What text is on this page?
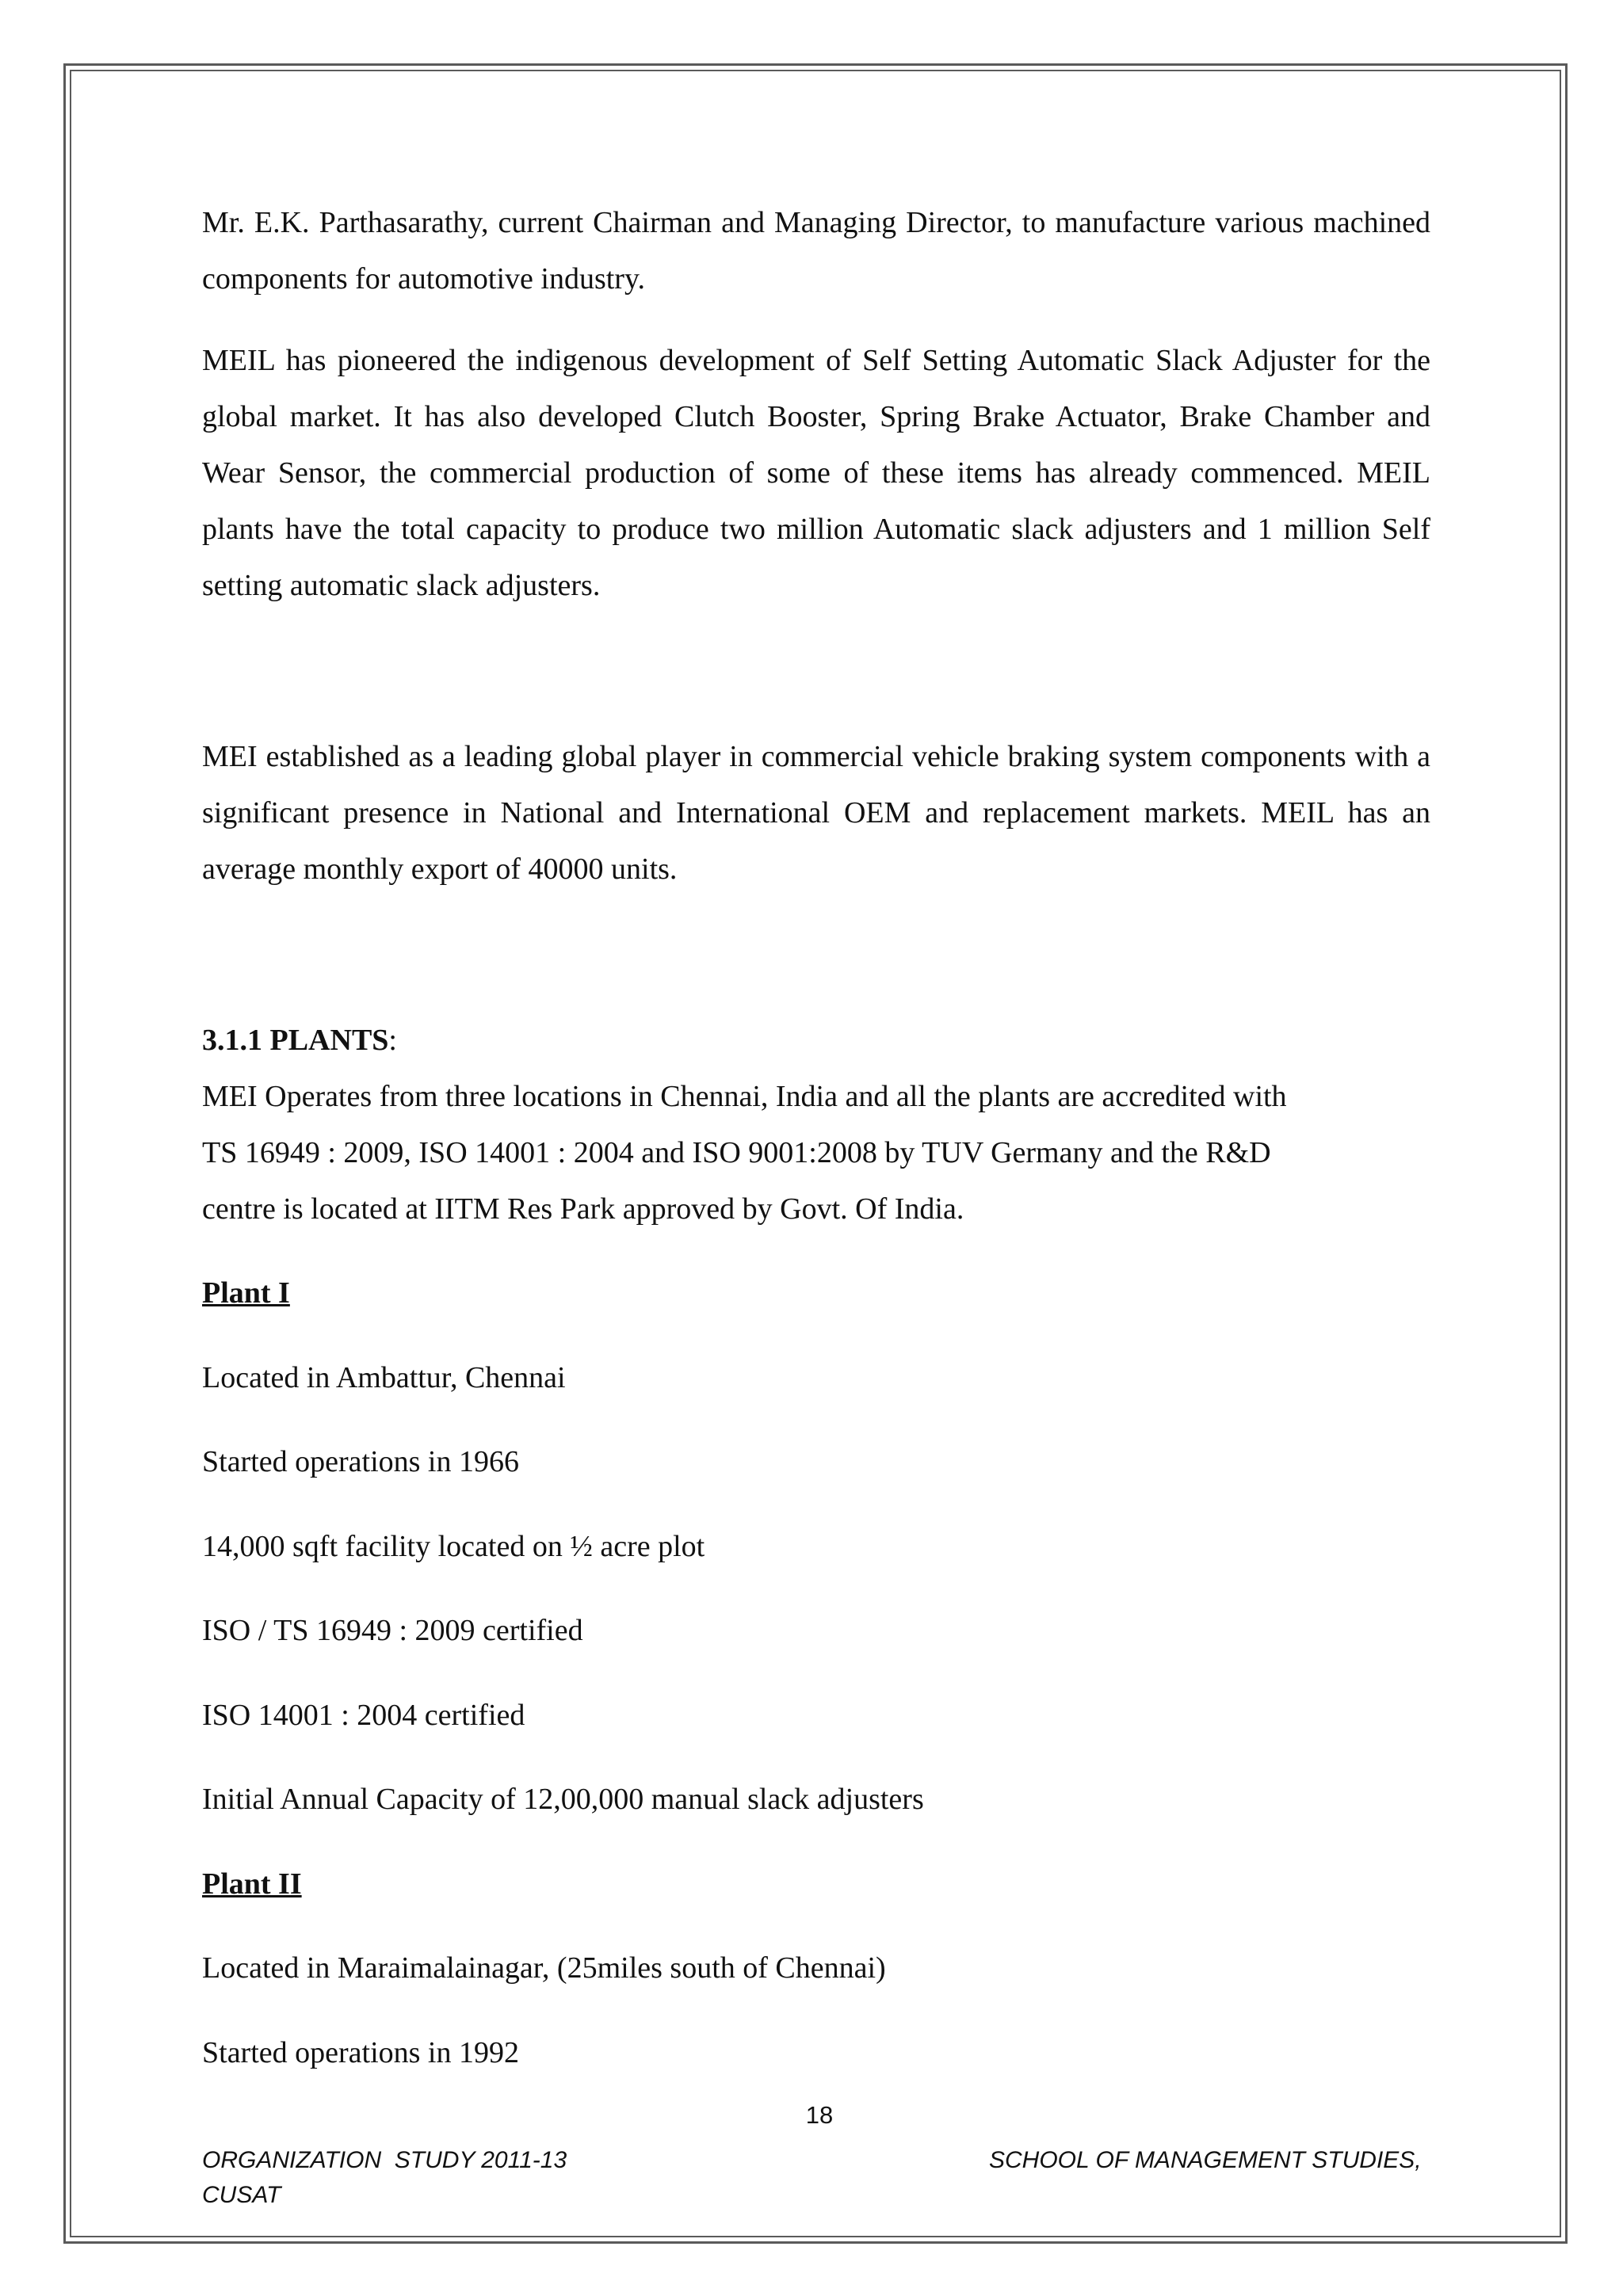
Mr. E.K. Parthasarathy, current Chairman and Managing Director, to manufacture various machined components for automotive industry.

MEIL has pioneered the indigenous development of Self Setting Automatic Slack Adjuster for the global market. It has also developed Clutch Booster, Spring Brake Actuator, Brake Chamber and Wear Sensor, the commercial production of some of these items has already commenced. MEIL plants have the total capacity to produce two million Automatic slack adjusters and 1 million Self setting automatic slack adjusters.

MEI established as a leading global player in commercial vehicle braking system components with a significant presence in National and International OEM and replacement markets. MEIL has an average monthly export of 40000 units.

3.1.1 PLANTS:
MEI Operates from three locations in Chennai, India and all the plants are accredited with
TS 16949 : 2009, ISO 14001 : 2004 and ISO 9001:2008 by TUV Germany and the R&D
centre is located at IITM Res Park approved by Govt. Of India.
Plant I
Located in Ambattur, Chennai
Started operations in 1966
14,000 sqft facility located on ½ acre plot
ISO / TS 16949 : 2009 certified
ISO 14001 : 2004 certified
Initial Annual Capacity of 12,00,000 manual slack adjusters
Plant II
Located in Maraimalainagar, (25miles south of Chennai)
Started operations in 1992
18
ORGANIZATION  STUDY 2011-13
CUSAT
SCHOOL OF MANAGEMENT STUDIES,
